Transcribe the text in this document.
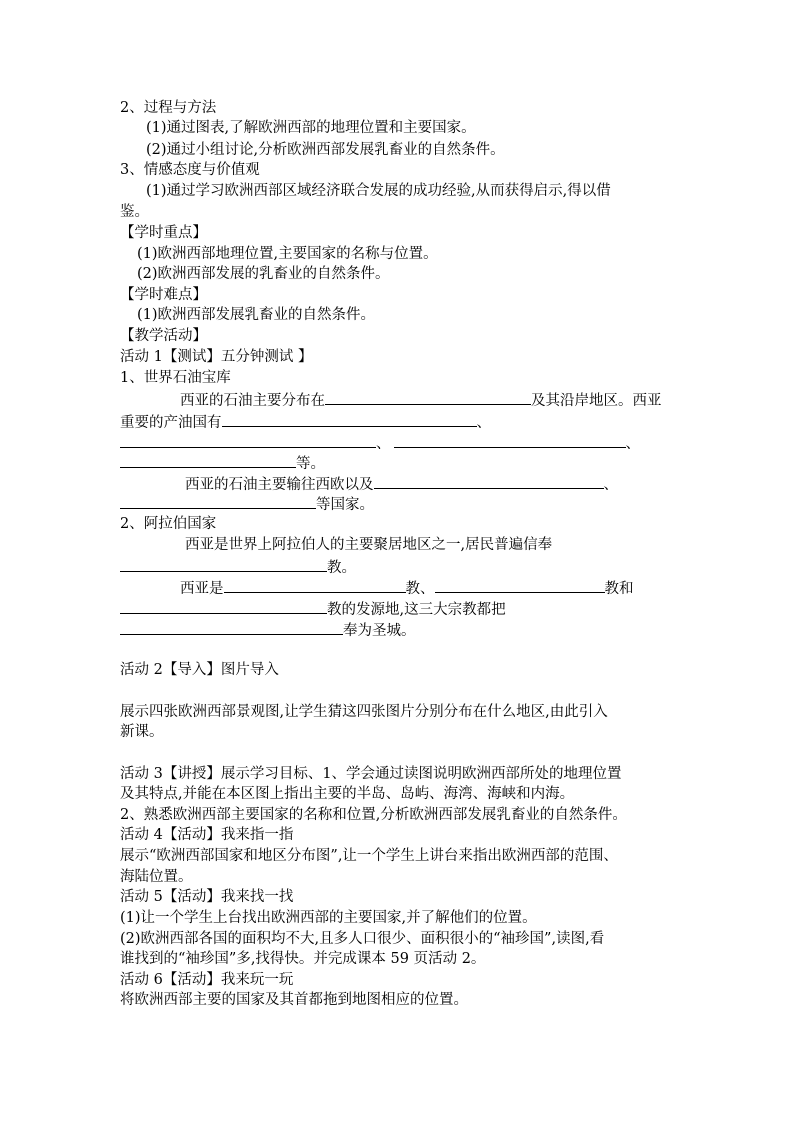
2、过程与方法
(1)通过图表,了解欧洲西部的地理位置和主要国家。
(2)通过小组讨论,分析欧洲西部发展乳畜业的自然条件。
3、情感态度与价值观
(1)通过学习欧洲西部区域经济联合发展的成功经验,从而获得启示,得以借
鉴。
【学时重点】
(1)欧洲西部地理位置,主要国家的名称与位置。
(2)欧洲西部发展的乳畜业的自然条件。
【学时难点】
(1)欧洲西部发展乳畜业的自然条件。
【教学活动】
活动 1【测试】五分钟测试 】
1、世界石油宝库
西亚的石油主要分布在	及其沿岸地区。西亚
重要的产油国有	、
、	、
等。
西亚的石油主要输往西欧以及	、
等国家。
2、阿拉伯国家
西亚是世界上阿拉伯人的主要聚居地区之一,居民普遍信奉
教。
西亚是	教、	教和
教的发源地,这三大宗教都把
奉为圣城。
活动 2【导入】图片导入
展示四张欧洲西部景观图,让学生猜这四张图片分别分布在什么地区,由此引入
新课。
活动 3【讲授】展示学习目标、1、学会通过读图说明欧洲西部所处的地理位置
及其特点,并能在本区图上指出主要的半岛、岛屿、海湾、海峡和内海。
2、熟悉欧洲西部主要国家的名称和位置,分析欧洲西部发展乳畜业的自然条件。
活动 4【活动】我来指一指
展示“欧洲西部国家和地区分布图”,让一个学生上讲台来指出欧洲西部的范围、
海陆位置。
活动 5【活动】我来找一找
(1)让一个学生上台找出欧洲西部的主要国家,并了解他们的位置。
(2)欧洲西部各国的面积均不大,且多人口很少、面积很小的“袖珍国”,读图,看
谁找到的“袖珍国”多,找得快。并完成课本 59 页活动 2。
活动 6【活动】我来玩一玩
将欧洲西部主要的国家及其首都拖到地图相应的位置。
